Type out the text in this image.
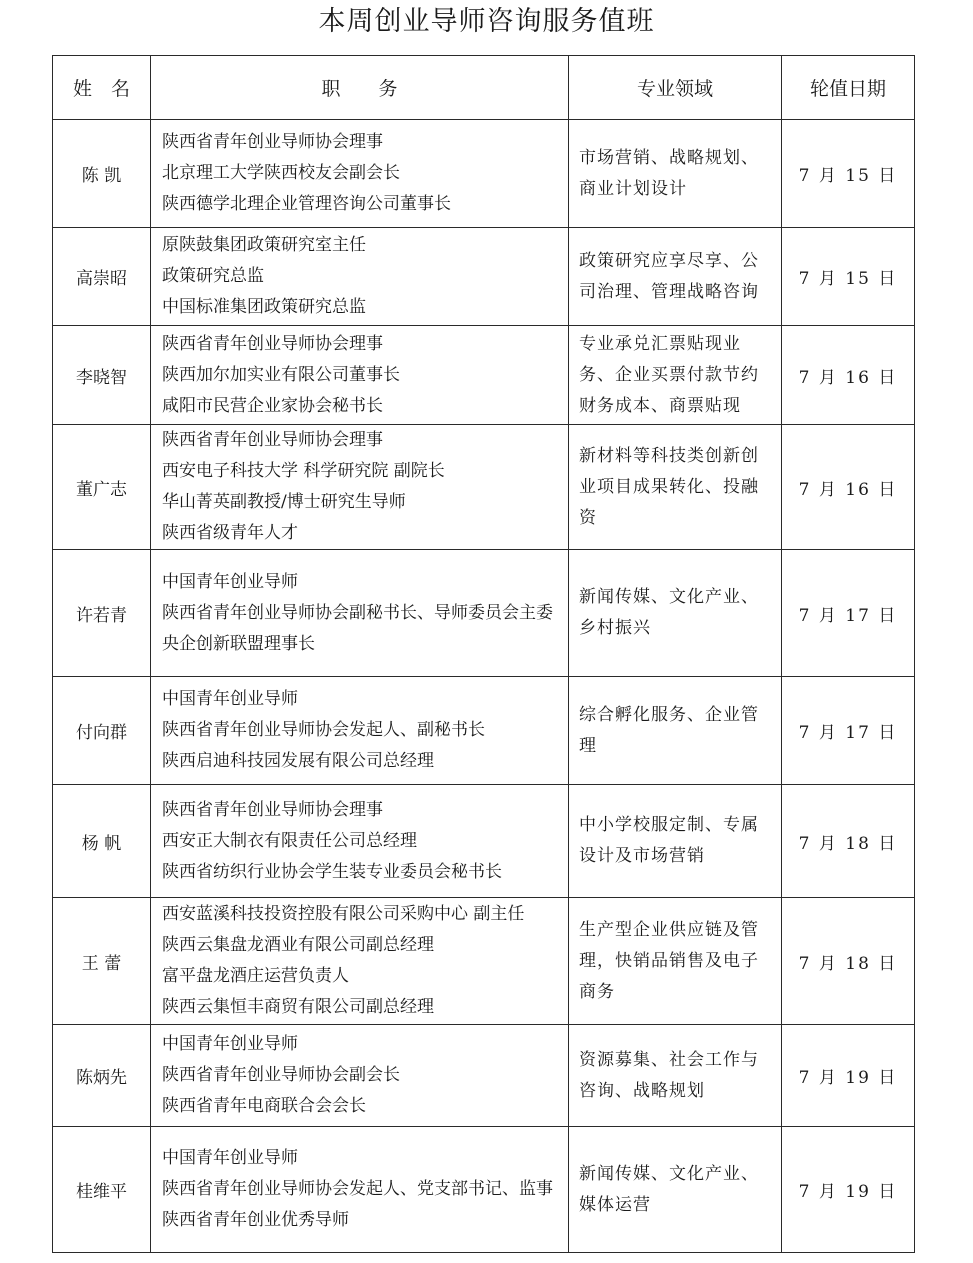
本周创业导师咨询服务值班
姓　名	职　　务	专业领域	轮值日期
陈 凯	陕西省青年创业导师协会理事
北京理工大学陕西校友会副会长
陕西德学北理企业管理咨询公司董事长	市场营销、战略规划、商业计划设计	7 月 15 日
高崇昭	原陕鼓集团政策研究室主任
政策研究总监
中国标准集团政策研究总监	政策研究应享尽享、公司治理、管理战略咨询	7 月 15 日
李晓智	陕西省青年创业导师协会理事
陕西加尔加实业有限公司董事长
咸阳市民营企业家协会秘书长	专业承兑汇票贴现业务、企业买票付款节约财务成本、商票贴现	7 月 16 日
董广志	陕西省青年创业导师协会理事
西安电子科技大学 科学研究院 副院长
华山菁英副教授/博士研究生导师
陕西省级青年人才	新材料等科技类创新创业项目成果转化、投融资	7 月 16 日
许若青	中国青年创业导师
陕西省青年创业导师协会副秘书长、导师委员会主委
央企创新联盟理事长	新闻传媒、文化产业、乡村振兴	7 月 17 日
付向群	中国青年创业导师
陕西省青年创业导师协会发起人、副秘书长
陕西启迪科技园发展有限公司总经理	综合孵化服务、企业管理	7 月 17 日
杨 帆	陕西省青年创业导师协会理事
西安正大制衣有限责任公司总经理
陕西省纺织行业协会学生装专业委员会秘书长	中小学校服定制、专属设计及市场营销	7 月 18 日
王 蕾	西安蓝溪科技投资控股有限公司采购中心 副主任
陕西云集盘龙酒业有限公司副总经理
富平盘龙酒庄运营负责人
陕西云集恒丰商贸有限公司副总经理	生产型企业供应链及管理，快销品销售及电子商务	7 月 18 日
陈炳先	中国青年创业导师
陕西省青年创业导师协会副会长
陕西省青年电商联合会会长	资源募集、社会工作与咨询、战略规划	7 月 19 日
桂维平	中国青年创业导师
陕西省青年创业导师协会发起人、党支部书记、监事
陕西省青年创业优秀导师	新闻传媒、文化产业、媒体运营	7 月 19 日
